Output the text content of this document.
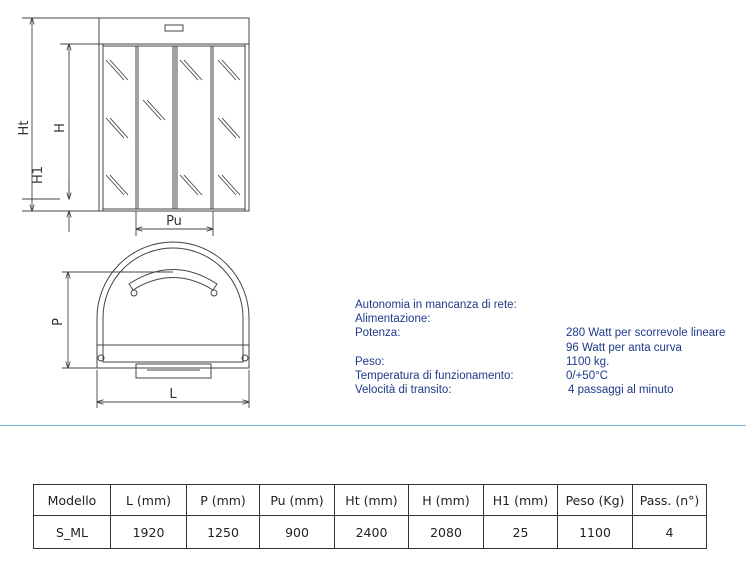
Ht H
H1
Pu
P
L
Autonomia in mancanza di rete:
Alimentazione:
Potenza:	280 Watt per scorrevole lineare
96 Watt per anta curva
Peso:	1100 kg.
Temperatura di funzionamento:	0/+50°C
Velocità di transito:	4 passaggi al minuto
Modello	L (mm)	P (mm)	Pu (mm)	Ht (mm)	H (mm)	H1 (mm)	Peso (Kg)	Pass. (n°)
S_ML	1920	1250	900	2400	2080	25	1100	4
